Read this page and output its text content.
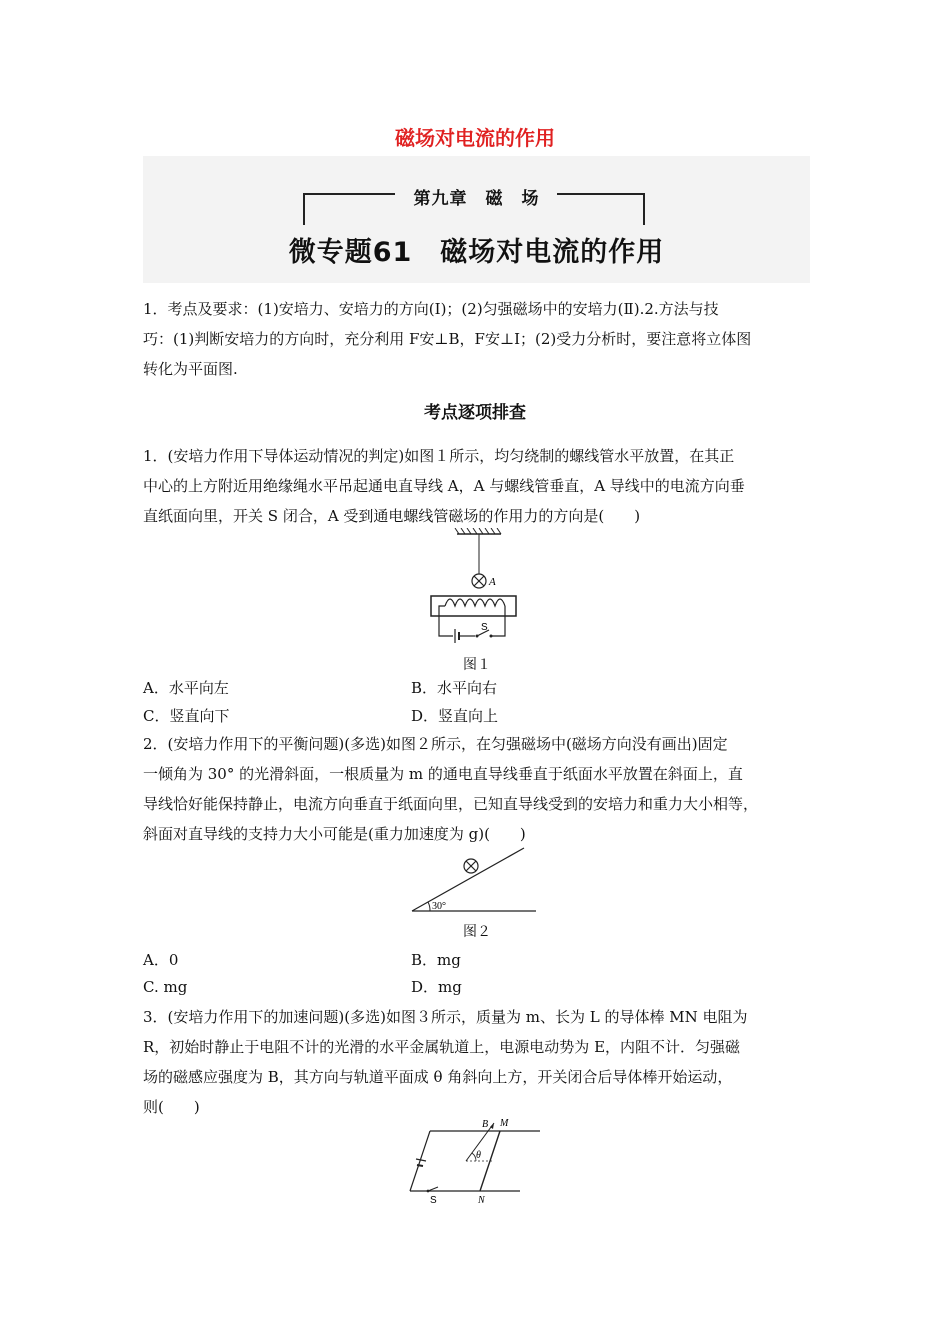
磁场对电流的作用
第九章　磁　场
微专题61　磁场对电流的作用
1．考点及要求：(1)安培力、安培力的方向(Ⅰ)；(2)匀强磁场中的安培力(Ⅱ).2.方法与技
巧：(1)判断安培力的方向时，充分利用 F安⊥B，F安⊥I；(2)受力分析时，要注意将立体图
转化为平面图.
考点逐项排查
1．(安培力作用下导体运动情况的判定)如图１所示，均匀绕制的螺线管水平放置，在其正
中心的上方附近用绝缘绳水平吊起通电直导线 A，A 与螺线管垂直，A 导线中的电流方向垂
直纸面向里，开关 S 闭合，A 受到通电螺线管磁场的作用力的方向是(　　)
A
S
图１
A．水平向左	B．水平向右
C．竖直向下	D．竖直向上
2．(安培力作用下的平衡问题)(多选)如图２所示，在匀强磁场中(磁场方向没有画出)固定
一倾角为 30° 的光滑斜面，一根质量为 m 的通电直导线垂直于纸面水平放置在斜面上，直
导线恰好能保持静止，电流方向垂直于纸面向里，已知直导线受到的安培力和重力大小相等，
斜面对直导线的支持力大小可能是(重力加速度为 g)(　　)
30°
图２
A．0	B．mg
C. mg	D．mg
3．(安培力作用下的加速问题)(多选)如图３所示，质量为 m、长为 L 的导体棒 MN 电阻为
R，初始时静止于电阻不计的光滑的水平金属轨道上，电源电动势为 E，内阻不计．匀强磁
场的磁感应强度为 B，其方向与轨道平面成 θ 角斜向上方，开关闭合后导体棒开始运动，
则(　　)
θ
B M
N
S
